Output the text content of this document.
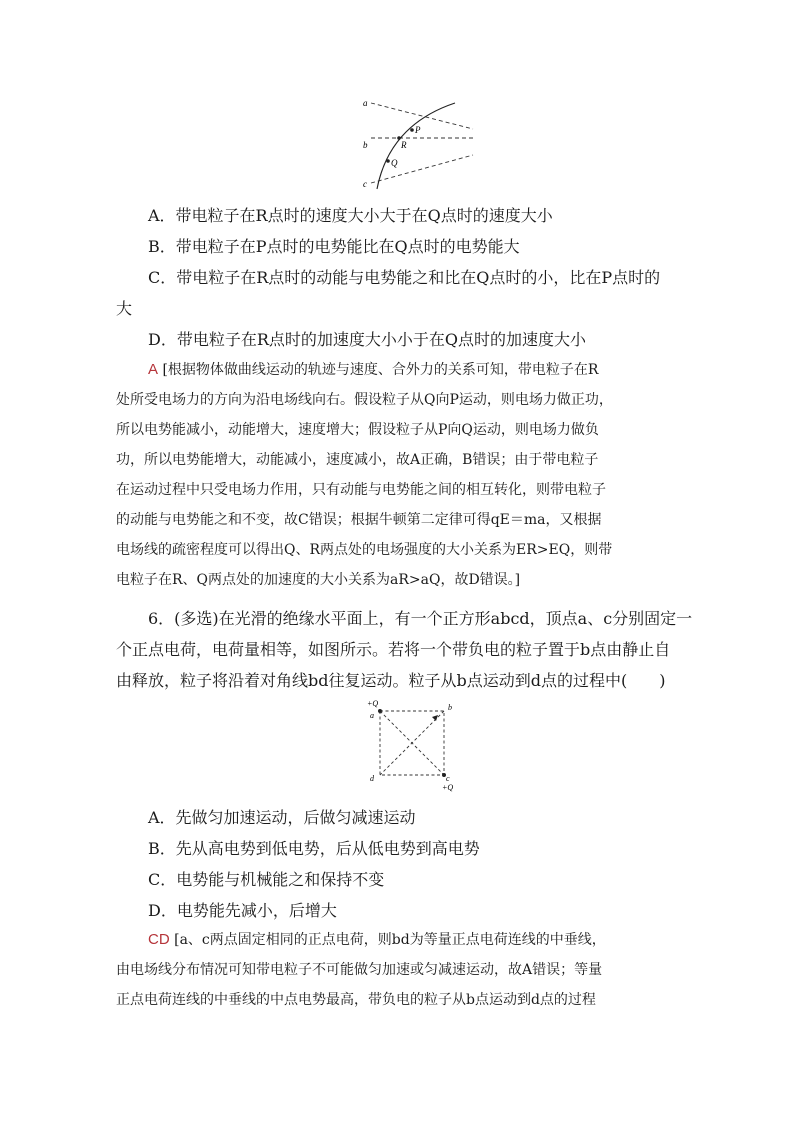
a
b
c
P
R
Q
A．带电粒子在R点时的速度大小大于在Q点时的速度大小
B．带电粒子在P点时的电势能比在Q点时的电势能大
C．带电粒子在R点时的动能与电势能之和比在Q点时的小，比在P点时的
大
D．带电粒子在R点时的加速度大小小于在Q点时的加速度大小
A [根据物体做曲线运动的轨迹与速度、合外力的关系可知，带电粒子在R
处所受电场力的方向为沿电场线向右。假设粒子从Q向P运动，则电场力做正功，
所以电势能减小，动能增大，速度增大；假设粒子从P向Q运动，则电场力做负
功，所以电势能增大，动能减小，速度减小，故A正确，B错误；由于带电粒子
在运动过程中只受电场力作用，只有动能与电势能之间的相互转化，则带电粒子
的动能与电势能之和不变，故C错误；根据牛顿第二定律可得qE＝ma，又根据
电场线的疏密程度可以得出Q、R两点处的电场强度的大小关系为ER>EQ，则带
电粒子在R、Q两点处的加速度的大小关系为aR>aQ，故D错误。]
6．(多选)在光滑的绝缘水平面上，有一个正方形abcd，顶点a、c分别固定一
个正点电荷，电荷量相等，如图所示。若将一个带负电的粒子置于b点由静止自
由释放，粒子将沿着对角线bd往复运动。粒子从b点运动到d点的过程中(　　)
+Q
a
b
d	c
+Q
A．先做匀加速运动，后做匀减速运动
B．先从高电势到低电势，后从低电势到高电势
C．电势能与机械能之和保持不变
D．电势能先减小，后增大
CD [a、c两点固定相同的正点电荷，则bd为等量正点电荷连线的中垂线，
由电场线分布情况可知带电粒子不可能做匀加速或匀减速运动，故A错误；等量
正点电荷连线的中垂线的中点电势最高，带负电的粒子从b点运动到d点的过程
